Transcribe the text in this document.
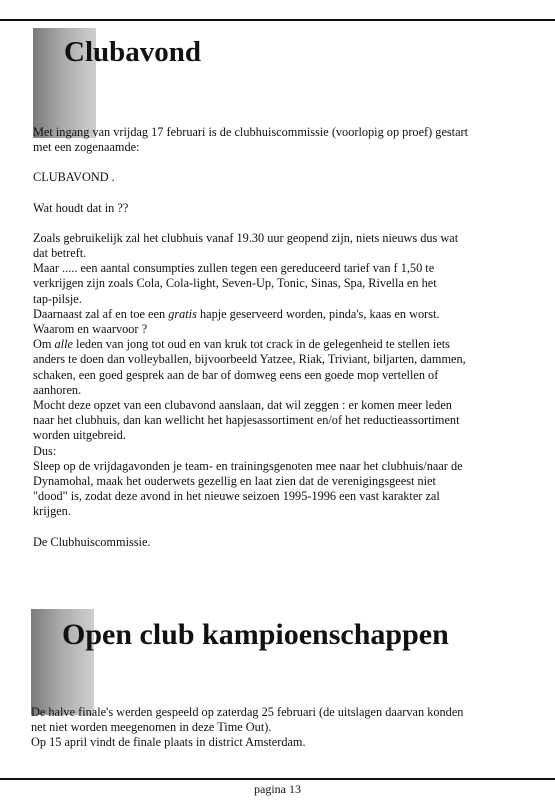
Clubavond

Met ingang van vrijdag 17 februari is de clubhuiscommissie (voorlopig op proef) gestart

met een zogenaamde:

CLUBAVOND .

Wat houdt dat in ??

Zoals gebruikelijk zal het clubhuis vanaf 19.30 uur geopend zijn, niets nieuws dus wat

dat betreft.

Maar ..... een aantal consumpties zullen tegen een gereduceerd tarief van f 1,50 te

verkrijgen zijn zoals Cola, Cola-light, Seven-Up, Tonic, Sinas, Spa, Rivella en het

tap-pilsje.

Daarnaast zal af en toe een gratis hapje geserveerd worden, pinda's, kaas en worst.

Waarom en waarvoor ?

Om alle leden van jong tot oud en van kruk tot crack in de gelegenheid te stellen iets

anders te doen dan volleyballen, bijvoorbeeld Yatzee, Riak, Triviant, biljarten, dammen,

schaken, een goed gesprek aan de bar of domweg eens een goede mop vertellen of

aanhoren.

Mocht deze opzet van een clubavond aanslaan, dat wil zeggen : er komen meer leden

naar het clubhuis, dan kan wellicht het hapjesassortiment en/of het reductieassortiment

worden uitgebreid.

Dus:

Sleep op de vrijdagavonden je team- en trainingsgenoten mee naar het clubhuis/naar de

Dynamohal, maak het ouderwets gezellig en laat zien dat de verenigingsgeest niet

"dood" is, zodat deze avond in het nieuwe seizoen 1995-1996 een vast karakter zal

krijgen.

De Clubhuiscommissie.

Open club kampioenschappen

De halve finale's werden gespeeld op zaterdag 25 februari (de uitslagen daarvan konden

net niet worden meegenomen in deze Time Out).

Op 15 april vindt de finale plaats in district Amsterdam.

pagina 13
